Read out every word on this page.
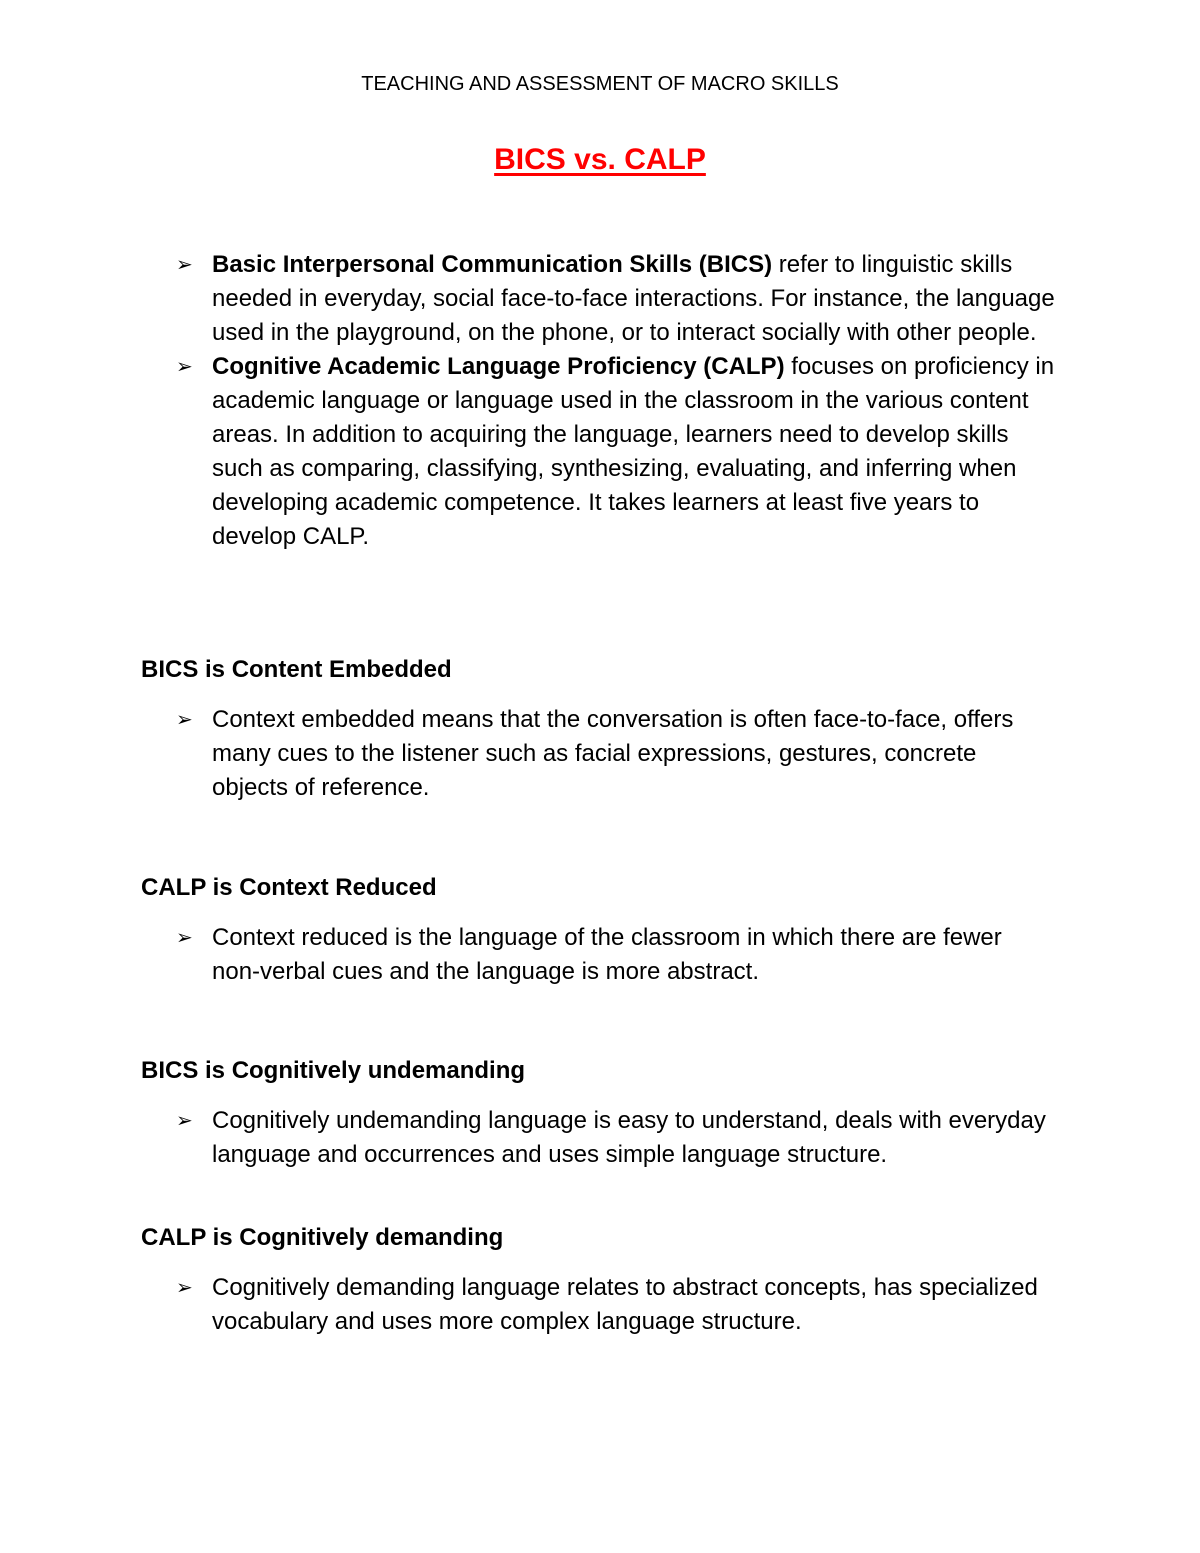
TEACHING AND ASSESSMENT OF MACRO SKILLS
BICS vs. CALP
➢ Basic Interpersonal Communication Skills (BICS) refer to linguistic skills needed in everyday, social face-to-face interactions. For instance, the language used in the playground, on the phone, or to interact socially with other people.
➢ Cognitive Academic Language Proficiency (CALP) focuses on proficiency in academic language or language used in the classroom in the various content areas. In addition to acquiring the language, learners need to develop skills such as comparing, classifying, synthesizing, evaluating, and inferring when developing academic competence. It takes learners at least five years to develop CALP.
BICS is Content Embedded
➢ Context embedded means that the conversation is often face-to-face, offers many cues to the listener such as facial expressions, gestures, concrete objects of reference.
CALP is Context Reduced
➢ Context reduced is the language of the classroom in which there are fewer non-verbal cues and the language is more abstract.
BICS is Cognitively undemanding
➢ Cognitively undemanding language is easy to understand, deals with everyday language and occurrences and uses simple language structure.
CALP is Cognitively demanding
➢ Cognitively demanding language relates to abstract concepts, has specialized vocabulary and uses more complex language structure.
